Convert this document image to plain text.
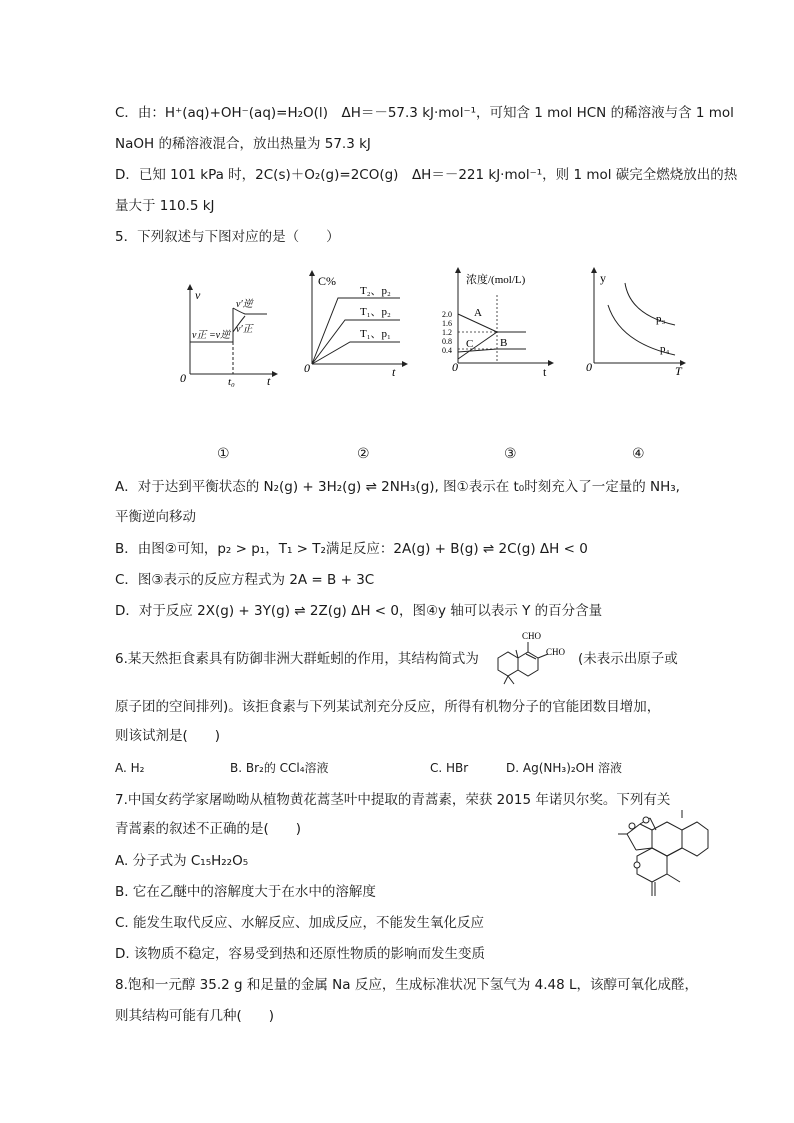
C．由：H⁺(aq)+OH⁻(aq)=H₂O(l)　ΔH＝－57.3 kJ·mol⁻¹，可知含 1 mol HCN 的稀溶液与含 1 mol
NaOH 的稀溶液混合，放出热量为 57.3 kJ
D．已知 101 kPa 时，2C(s)＋O₂(g)=2CO(g)　ΔH＝－221 kJ·mol⁻¹，则 1 mol 碳完全燃烧放出的热
量大于 110.5 kJ
5．下列叙述与下图对应的是（　　）
v
0	t₀	t
v正 =v逆
v′逆
v′正
C%
0	t
T₂、p₂
T₁、p₂
T₁、p₁
浓度/(mol/L)
0	t
2.0
1.6
1.2
0.8
0.4
A
B
C
y
0	T
p₃
p₄
①	②	③	④
A．对于达到平衡状态的 N₂(g) + 3H₂(g) ⇌ 2NH₃(g), 图①表示在 t₀时刻充入了一定量的 NH₃,
平衡逆向移动
B．由图②可知，p₂ > p₁，T₁ > T₂满足反应：2A(g) + B(g) ⇌ 2C(g) ΔH < 0
C．图③表示的反应方程式为 2A = B + 3C
D．对于反应 2X(g) + 3Y(g) ⇌ 2Z(g) ΔH < 0，图④y 轴可以表示 Y 的百分含量
6.某天然拒食素具有防御非洲大群蚯蚓的作用，其结构简式为
CHO
CHO (未表示出原子或
原子团的空间排列)。该拒食素与下列某试剂充分反应，所得有机物分子的官能团数目增加，
则该试剂是(　　)
A. H₂	B. Br₂的 CCl₄溶液	C. HBr	D. Ag(NH₃)₂OH 溶液
7.中国女药学家屠呦呦从植物黄花蒿茎叶中提取的青蒿素，荣获 2015 年诺贝尔奖。下列有关
青蒿素的叙述不正确的是(　　)
A. 分子式为 C₁₅H₂₂O₅
B. 它在乙醚中的溶解度大于在水中的溶解度
C. 能发生取代反应、水解反应、加成反应，不能发生氧化反应
D. 该物质不稳定，容易受到热和还原性物质的影响而发生变质
8.饱和一元醇 35.2 g 和足量的金属 Na 反应，生成标准状况下氢气为 4.48 L，该醇可氧化成醛，
则其结构可能有几种(　　)
